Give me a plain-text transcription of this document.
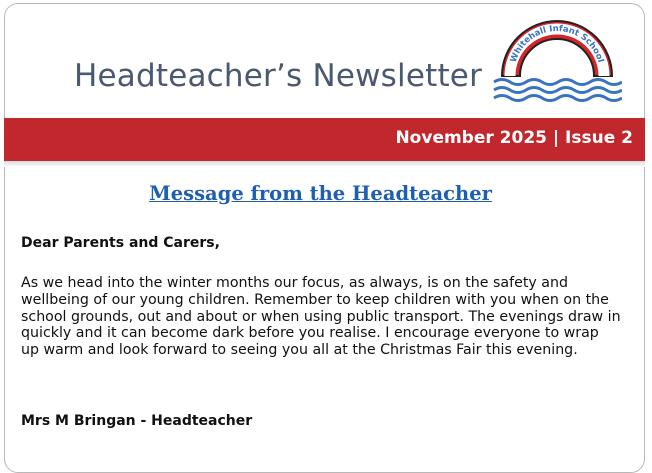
Headteacher’s Newsletter
Whitehall Infant School
November 2025 | Issue 2
Message from the Headteacher

Dear Parents and Carers,

As we head into the winter months our focus, as always, is on the safety and wellbeing of our young children. Remember to keep children with you when on the school grounds, out and about or when using public transport. The evenings draw in quickly and it can become dark before you realise. I encourage everyone to wrap up warm and look forward to seeing you all at the Christmas Fair this evening.

Mrs M Bringan - Headteacher
